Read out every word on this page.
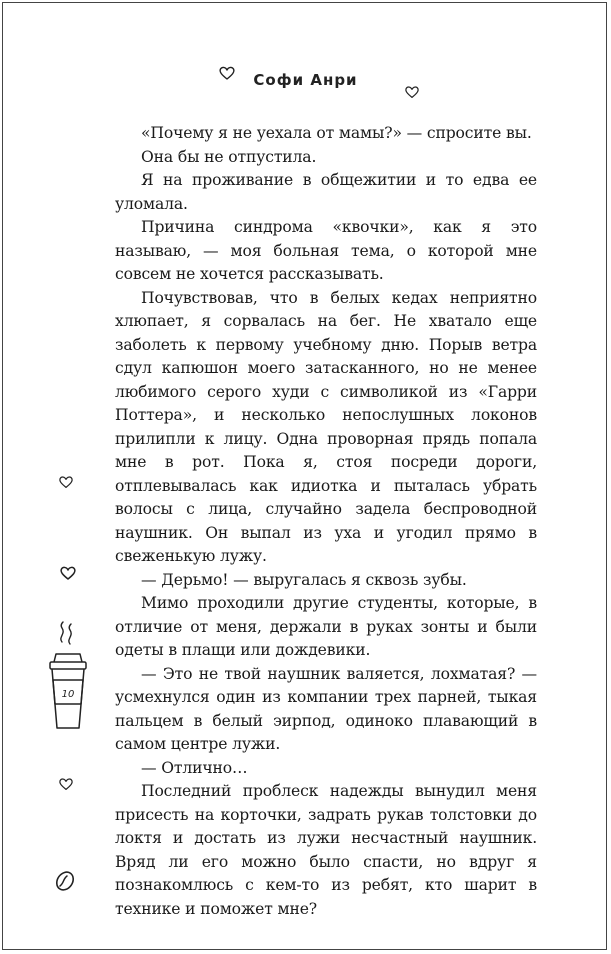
Софи Анри
10

«Почему я не уехала от мамы?» — спросите вы.

Она бы не отпустила.

Я на проживание в общежитии и то едва ее уломала.

Причина синдрома «квочки», как я это называю, — моя больная тема, о которой мне совсем не хочется рассказывать.

Почувствовав, что в белых кедах неприятно хлюпает, я сорвалась на бег. Не хватало еще заболеть к первому учебному дню. Порыв ветра сдул капюшон моего затасканного, но не менее любимого серого худи с символикой из «Гарри Поттера», и несколько непослушных локонов прилипли к лицу. Одна проворная прядь попала мне в рот. Пока я, стоя посреди дороги, отплевывалась как идиотка и пыталась убрать волосы с лица, случайно задела беспроводной наушник. Он выпал из уха и угодил прямо в свеженькую лужу.

— Дерьмо! — выругалась я сквозь зубы.

Мимо проходили другие студенты, которые, в отличие от меня, держали в руках зонты и были одеты в плащи или дождевики.

— Это не твой наушник валяется, лохматая? — усмехнулся один из компании трех парней, тыкая пальцем в белый эирпод, одиноко плавающий в самом центре лужи.

— Отлично…

Последний проблеск надежды вынудил меня присесть на корточки, задрать рукав толстовки до локтя и достать из лужи несчастный наушник. Вряд ли его можно было спасти, но вдруг я познакомлюсь с кем-то из ребят, кто шарит в технике и поможет мне?
